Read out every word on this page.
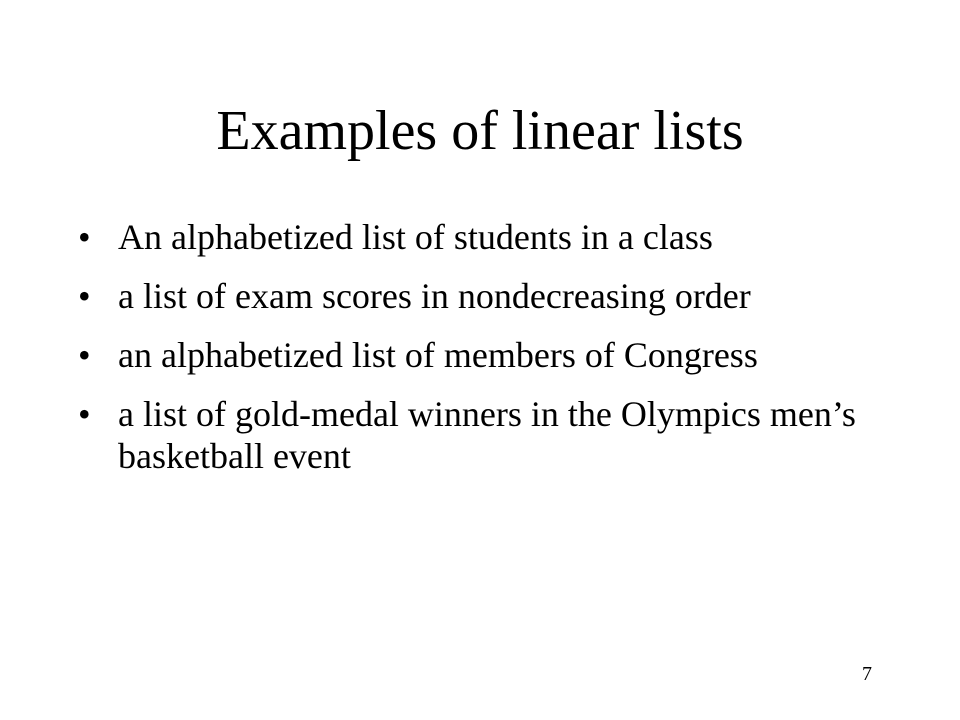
Examples of linear lists
• An alphabetized list of students in a class
• a list of exam scores in nondecreasing order
• an alphabetized list of members of Congress
• a list of gold-medal winners in the Olympics men’s basketball event
7
